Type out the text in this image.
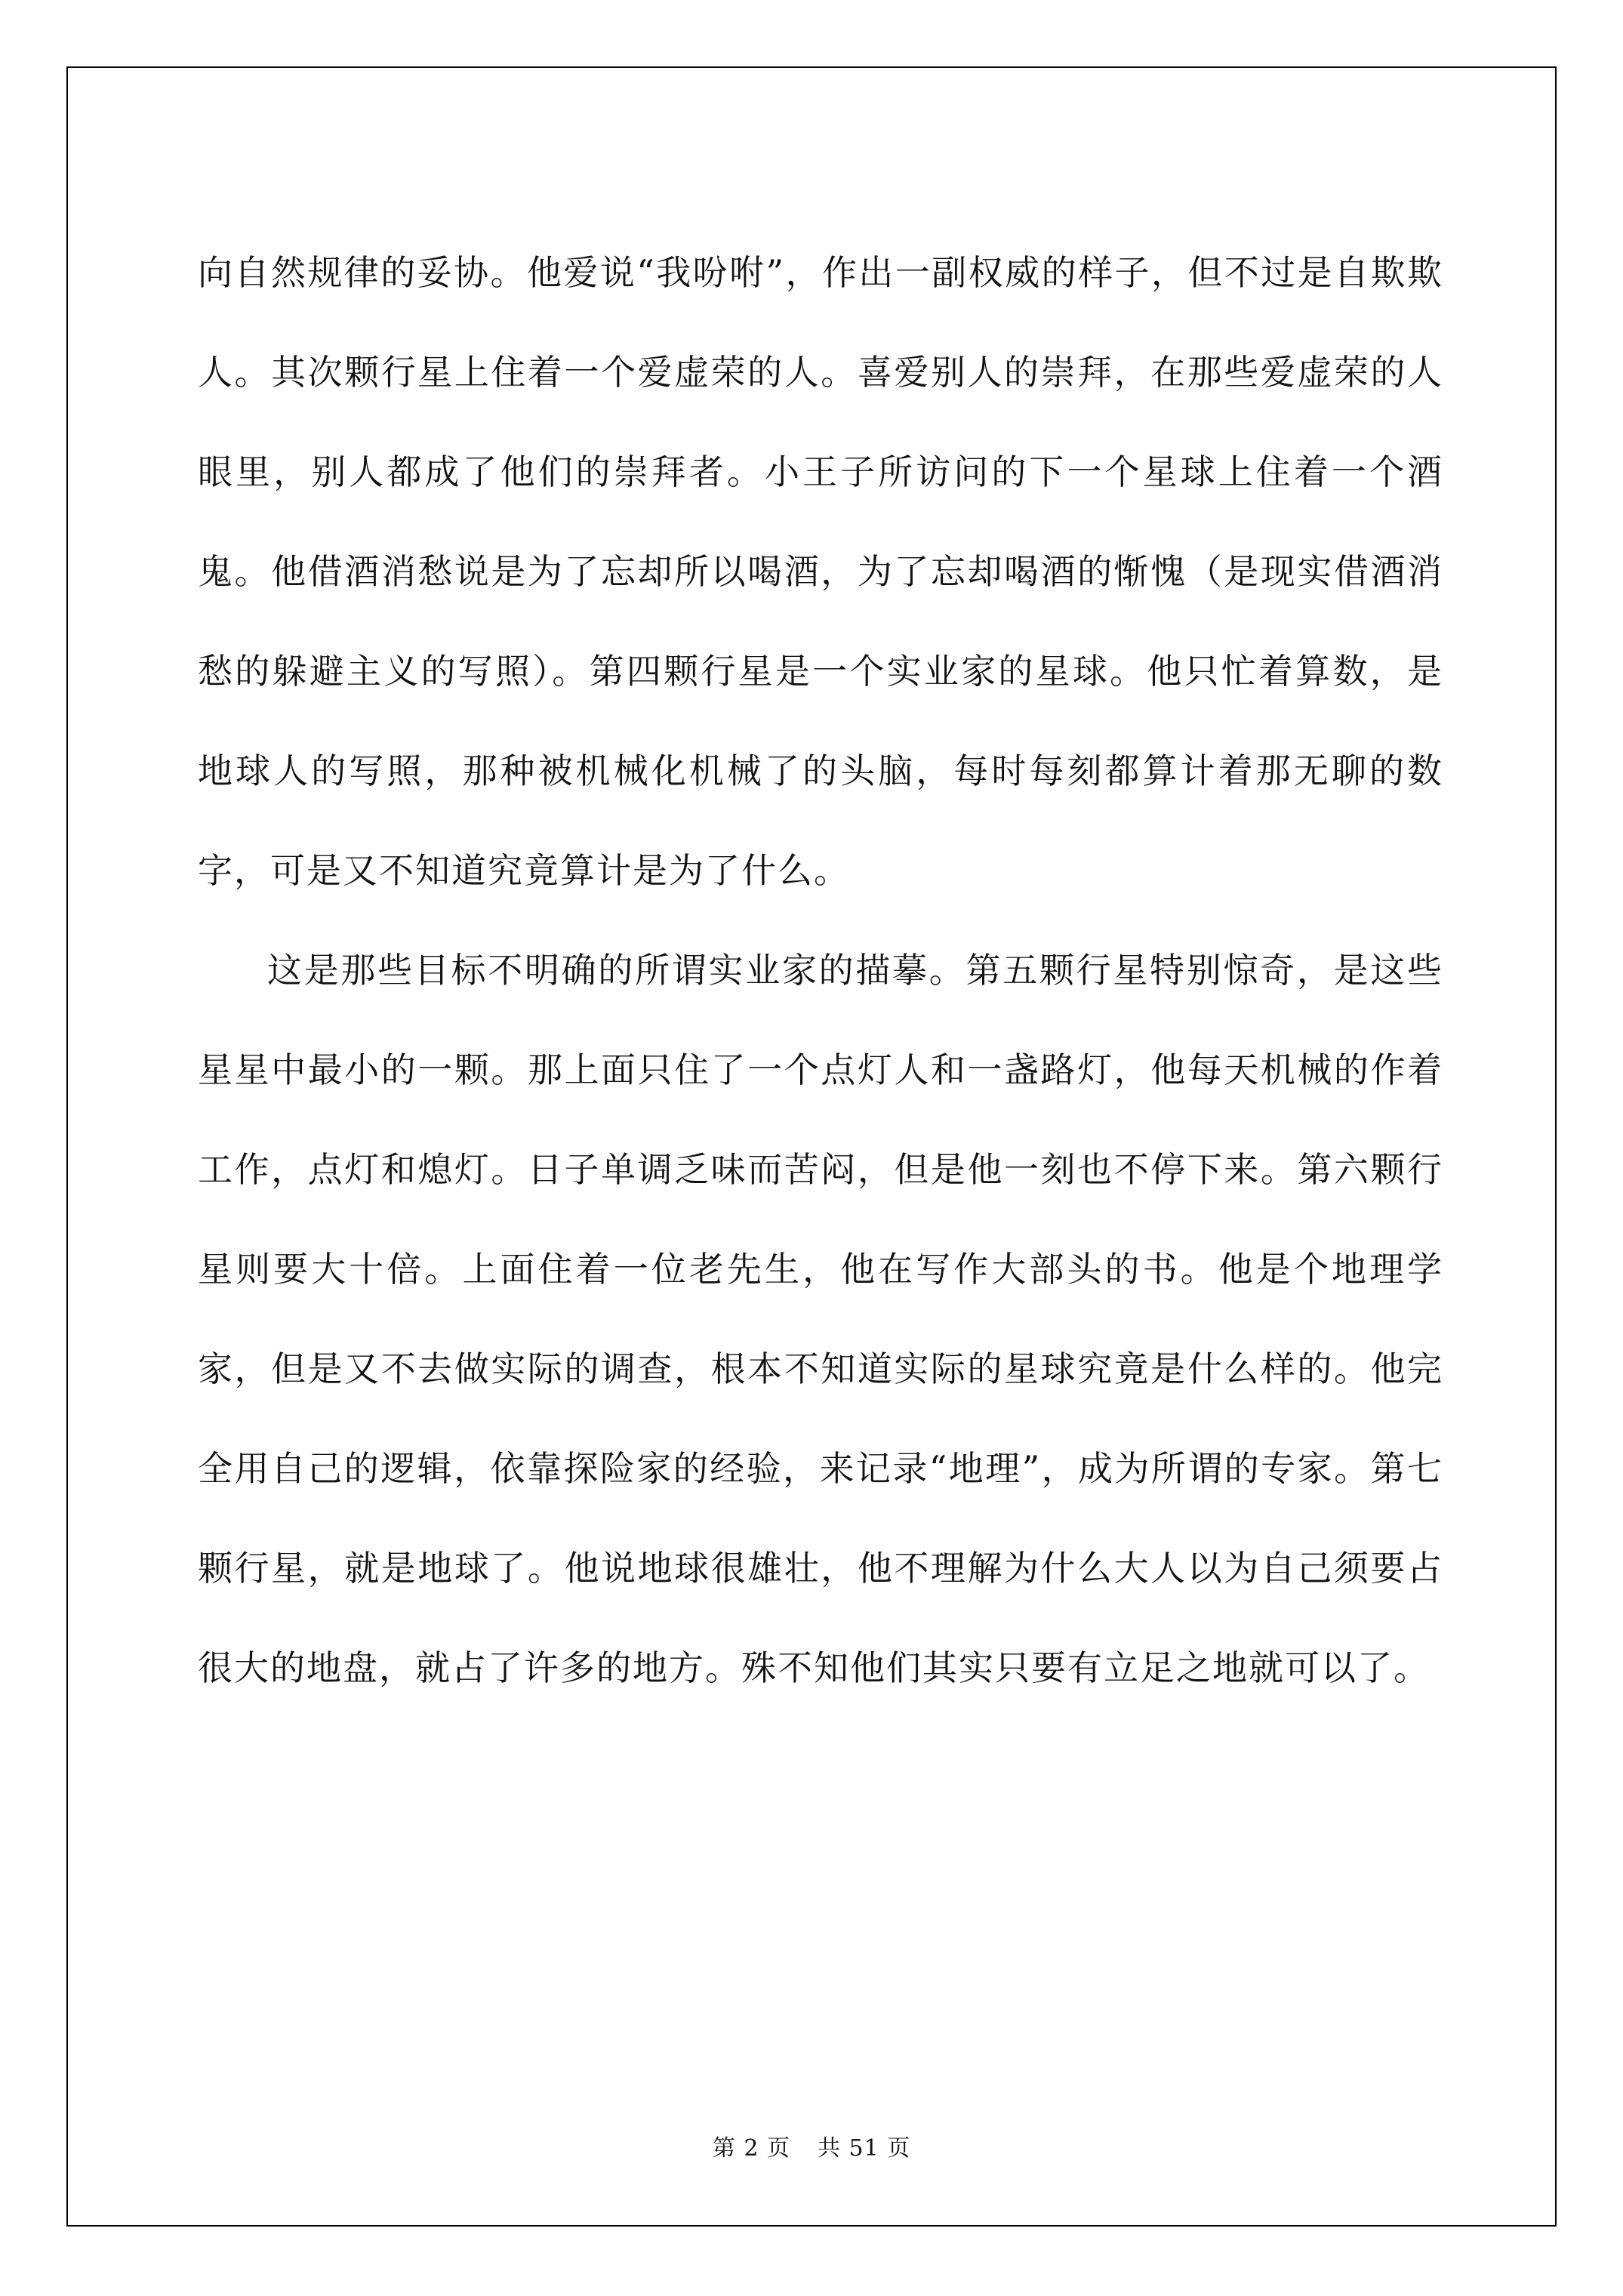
向自然规律的妥协。他爱说“我吩咐”，作出一副权威的样子，但不过是自欺欺人。其次颗行星上住着一个爱虚荣的人。喜爱别人的崇拜，在那些爱虚荣的人眼里，别人都成了他们的崇拜者。小王子所访问的下一个星球上住着一个酒鬼。他借酒消愁说是为了忘却所以喝酒，为了忘却喝酒的惭愧（是现实借酒消愁的躲避主义的写照）。第四颗行星是一个实业家的星球。他只忙着算数，是地球人的写照，那种被机械化机械了的头脑，每时每刻都算计着那无聊的数字，可是又不知道究竟算计是为了什么。

这是那些目标不明确的所谓实业家的描摹。第五颗行星特别惊奇，是这些星星中最小的一颗。那上面只住了一个点灯人和一盏路灯，他每天机械的作着工作，点灯和熄灯。日子单调乏味而苦闷，但是他一刻也不停下来。第六颗行星则要大十倍。上面住着一位老先生，他在写作大部头的书。他是个地理学家，但是又不去做实际的调查，根本不知道实际的星球究竟是什么样的。他完全用自己的逻辑，依靠探险家的经验，来记录“地理”，成为所谓的专家。第七颗行星，就是地球了。他说地球很雄壮，他不理解为什么大人以为自己须要占很大的地盘，就占了许多的地方。殊不知他们其实只要有立足之地就可以了。

第 2 页 共 51 页
